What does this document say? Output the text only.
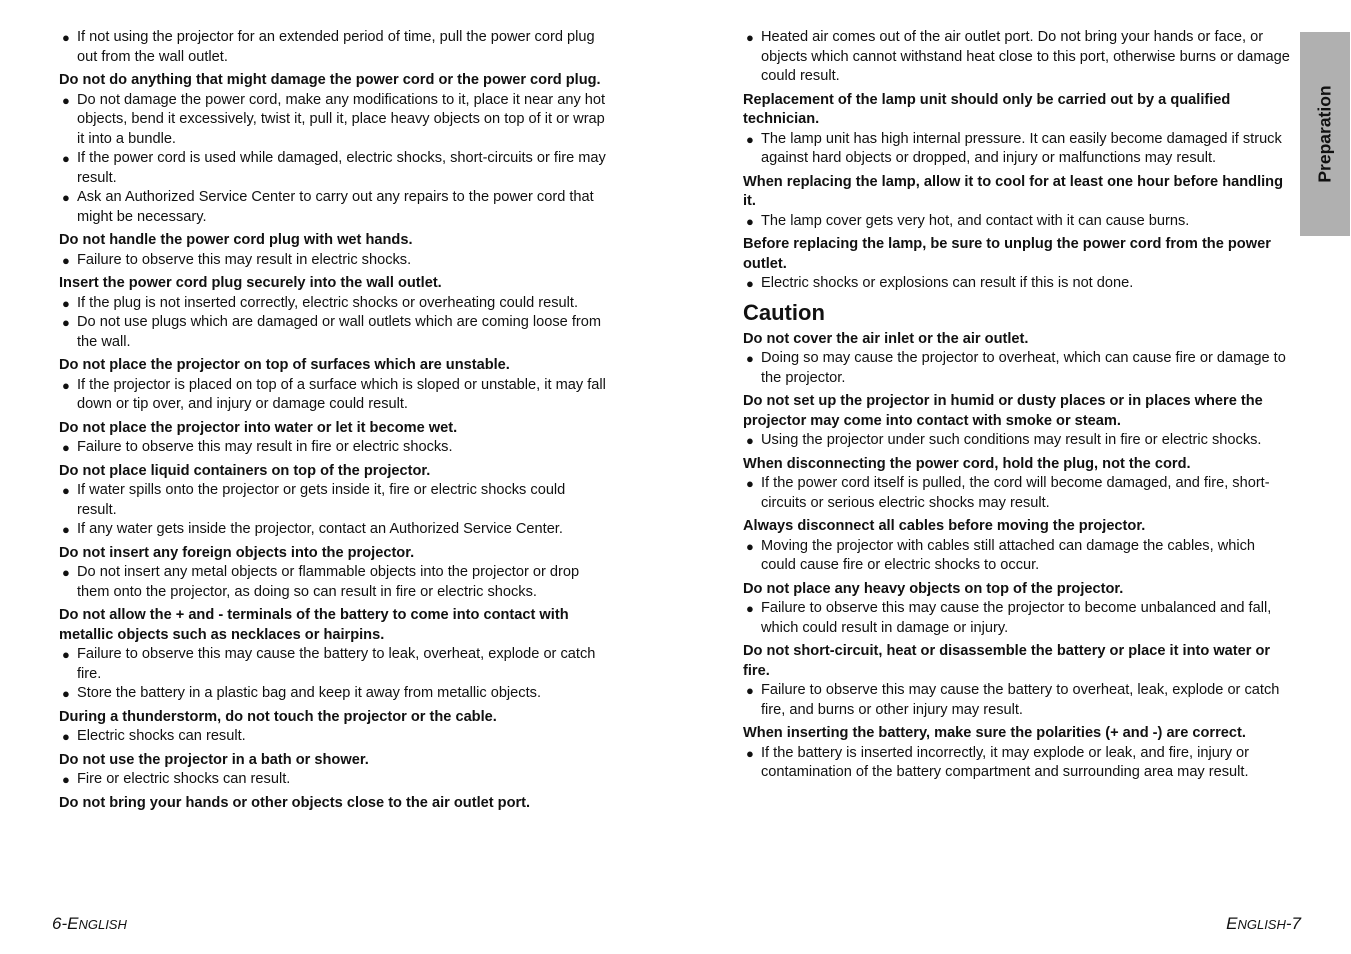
● If not using the projector for an extended period of time, pull the power cord plug out from the wall outlet.
Do not do anything that might damage the power cord or the power cord plug.
● Do not damage the power cord, make any modifications to it, place it near any hot objects, bend it excessively, twist it, pull it, place heavy objects on top of it or wrap it into a bundle.
● If the power cord is used while damaged, electric shocks, short-circuits or fire may result.
● Ask an Authorized Service Center to carry out any repairs to the power cord that might be necessary.
Do not handle the power cord plug with wet hands.
● Failure to observe this may result in electric shocks.
Insert the power cord plug securely into the wall outlet.
● If the plug is not inserted correctly, electric shocks or overheating could result.
● Do not use plugs which are damaged or wall outlets which are coming loose from the wall.
Do not place the projector on top of surfaces which are unstable.
● If the projector is placed on top of a surface which is sloped or unstable, it may fall down or tip over, and injury or damage could result.
Do not place the projector into water or let it become wet.
● Failure to observe this may result in fire or electric shocks.
Do not place liquid containers on top of the projector.
● If water spills onto the projector or gets inside it, fire or electric shocks could result.
● If any water gets inside the projector, contact an Authorized Service Center.
Do not insert any foreign objects into the projector.
● Do not insert any metal objects or flammable objects into the projector or drop them onto the projector, as doing so can result in fire or electric shocks.
Do not allow the + and - terminals of the battery to come into contact with metallic objects such as necklaces or hairpins.
● Failure to observe this may cause the battery to leak, overheat, explode or catch fire.
● Store the battery in a plastic bag and keep it away from metallic objects.
During a thunderstorm, do not touch the projector or the cable.
● Electric shocks can result.
Do not use the projector in a bath or shower.
● Fire or electric shocks can result.
Do not bring your hands or other objects close to the air outlet port.
● Heated air comes out of the air outlet port. Do not bring your hands or face, or objects which cannot withstand heat close to this port, otherwise burns or damage could result.
Replacement of the lamp unit should only be carried out by a qualified technician.
● The lamp unit has high internal pressure. It can easily become damaged if struck against hard objects or dropped, and injury or malfunctions may result.
When replacing the lamp, allow it to cool for at least one hour before handling it.
● The lamp cover gets very hot, and contact with it can cause burns.
Before replacing the lamp, be sure to unplug the power cord from the power outlet.
● Electric shocks or explosions can result if this is not done.
Caution
Do not cover the air inlet or the air outlet.
● Doing so may cause the projector to overheat, which can cause fire or damage to the projector.
Do not set up the projector in humid or dusty places or in places where the projector may come into contact with smoke or steam.
● Using the projector under such conditions may result in fire or electric shocks.
When disconnecting the power cord, hold the plug, not the cord.
● If the power cord itself is pulled, the cord will become damaged, and fire, short-circuits or serious electric shocks may result.
Always disconnect all cables before moving the projector.
● Moving the projector with cables still attached can damage the cables, which could cause fire or electric shocks to occur.
Do not place any heavy objects on top of the projector.
● Failure to observe this may cause the projector to become unbalanced and fall, which could result in damage or injury.
Do not short-circuit, heat or disassemble the battery or place it into water or fire.
● Failure to observe this may cause the battery to overheat, leak, explode or catch fire, and burns or other injury may result.
When inserting the battery, make sure the polarities (+ and -) are correct.
● If the battery is inserted incorrectly, it may explode or leak, and fire, injury or contamination of the battery compartment and surrounding area may result.
Preparation
6-ENGLISH	ENGLISH-7
